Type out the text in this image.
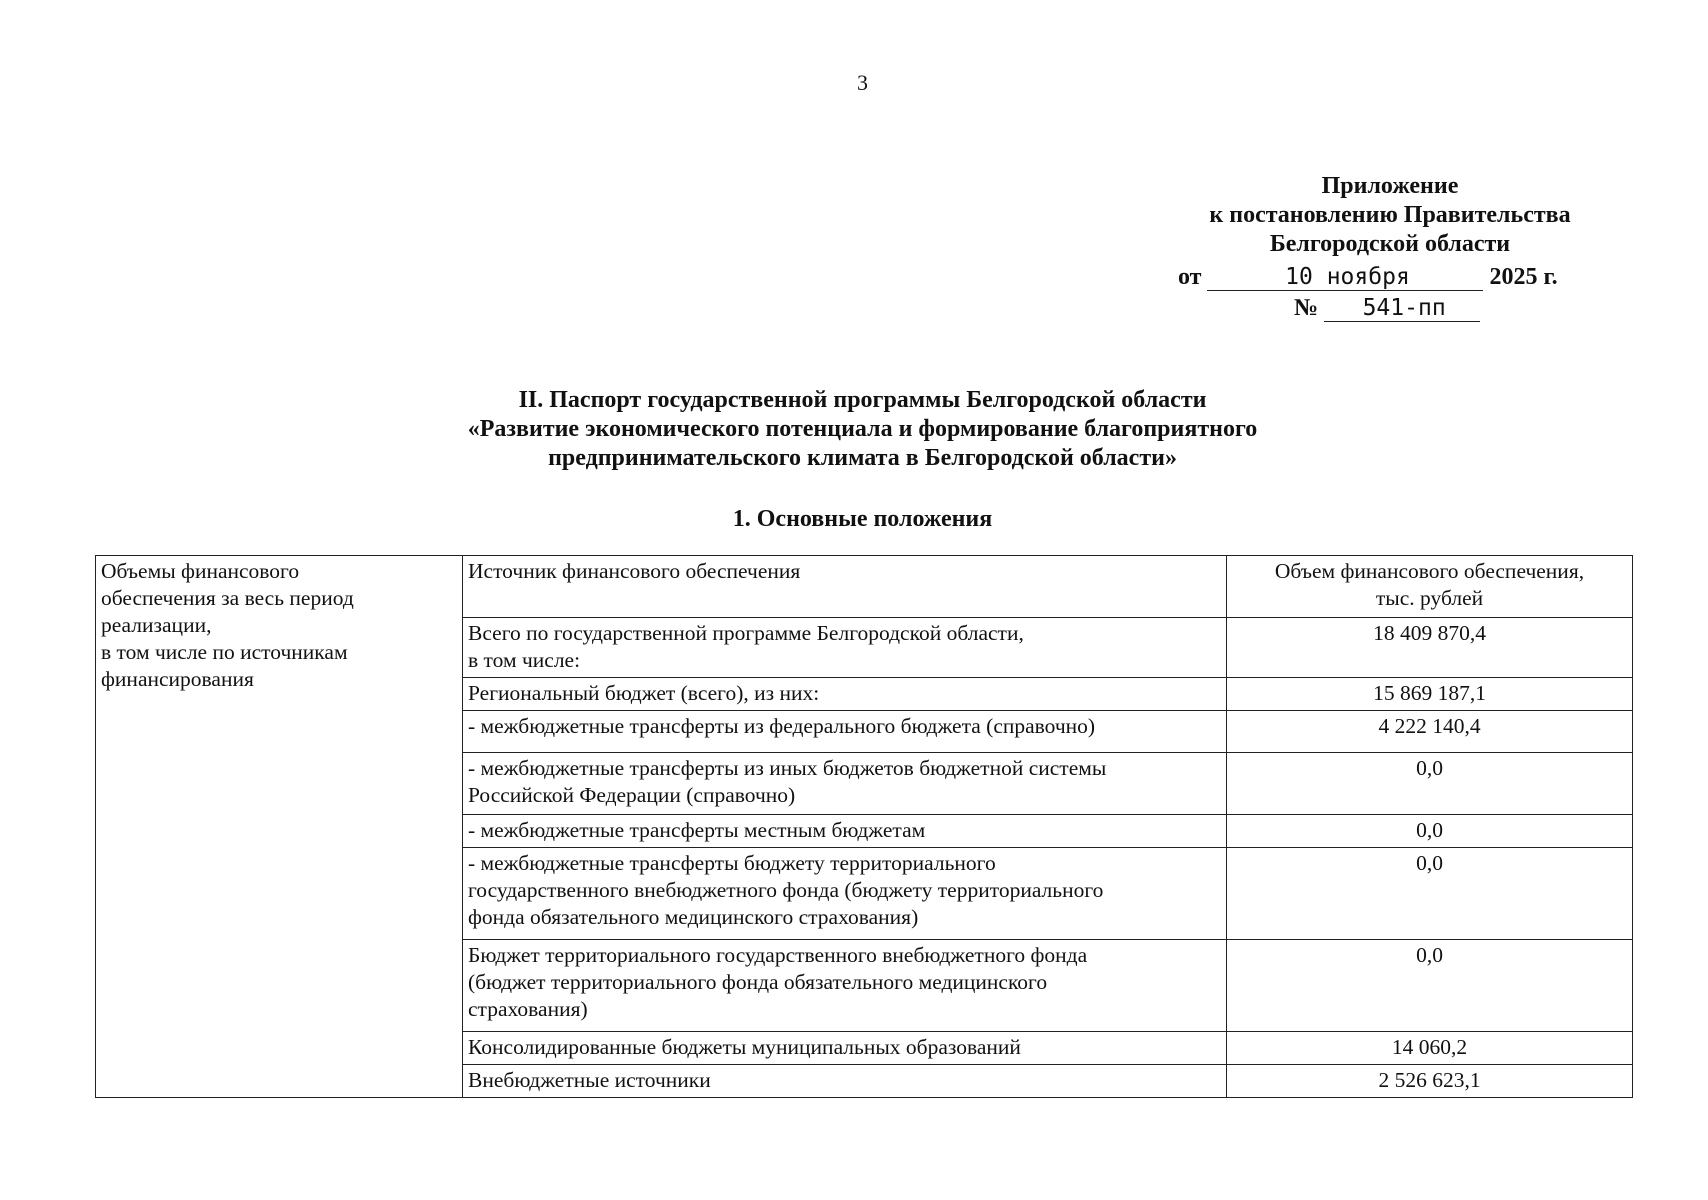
3
Приложение
к постановлению Правительства
Белгородской области
от	10 ноября	2025 г.
№ 541-пп
II. Паспорт государственной программы Белгородской области
«Развитие экономического потенциала и формирование благоприятного
предпринимательского климата в Белгородской области»
1. Основные положения
Объемы финансового
обеспечения за весь период
реализации,
в том числе по источникам
финансирования	Источник финансового обеспечения	Объем финансового обеспечения,
тыс. рублей

	Всего по государственной программе Белгородской области,
в том числе:	18 409 870,4
	Региональный бюджет (всего), из них:	15 869 187,1
	- межбюджетные трансферты из федерального бюджета (справочно)	4 222 140,4

	- межбюджетные трансферты из иных бюджетов бюджетной системы
Российской Федерации (справочно)	0,0
	- межбюджетные трансферты местным бюджетам	0,0

	- межбюджетные трансферты бюджету территориального
государственного внебюджетного фонда (бюджету территориального
фонда обязательного медицинского страхования)	0,0

	Бюджет территориального государственного внебюджетного фонда
(бюджет территориального фонда обязательного медицинского
страхования)	0,0
	Консолидированные бюджеты муниципальных образований	14 060,2
	Внебюджетные источники	2 526 623,1
